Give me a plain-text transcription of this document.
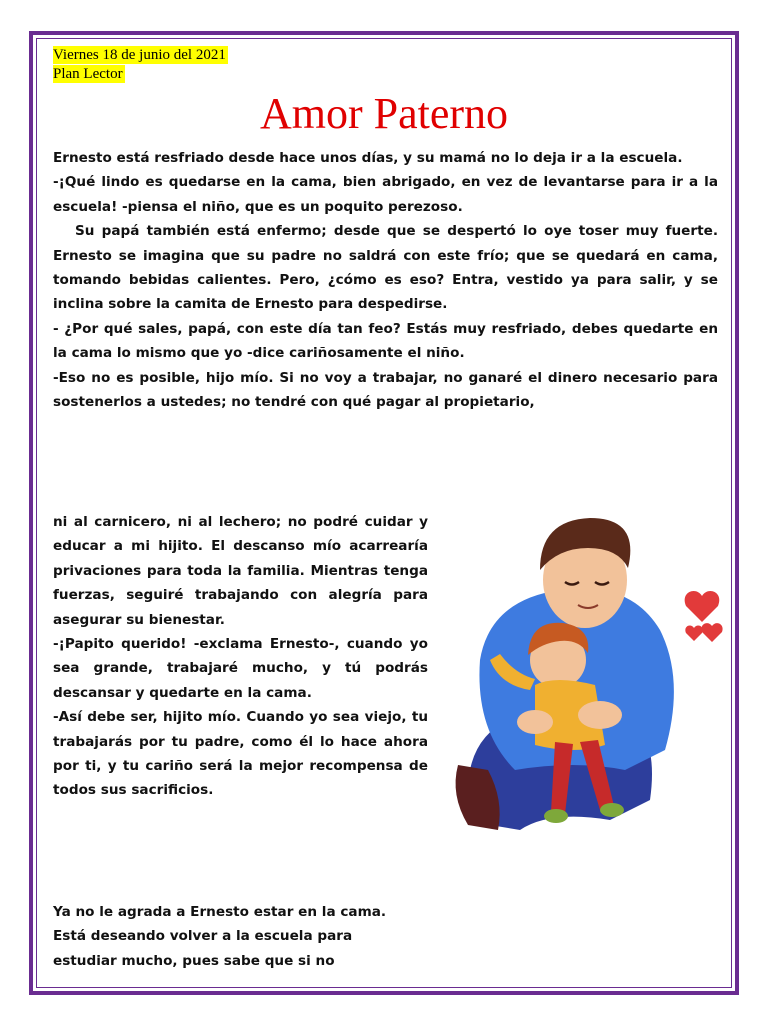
Viernes 18 de junio del 2021
Plan Lector
Amor Paterno

Ernesto está resfriado desde hace unos días, y su mamá no lo deja ir a la escuela.

-¡Qué lindo es quedarse en la cama, bien abrigado, en vez de levantarse para ir a la escuela! -piensa el niño, que es un poquito perezoso.

Su papá también está enfermo; desde que se despertó lo oye toser muy fuerte. Ernesto se imagina que su padre no saldrá con este frío; que se quedará en cama, tomando bebidas calientes. Pero, ¿cómo es eso? Entra, vestido ya para salir, y se inclina sobre la camita de Ernesto para despedirse.

- ¿Por qué sales, papá, con este día tan feo? Estás muy resfriado, debes quedarte en la cama lo mismo que yo -dice cariñosamente el niño.

-Eso no es posible, hijo mío. Si no voy a trabajar, no ganaré el dinero necesario para sostenerlos a ustedes; no tendré con qué pagar al propietario,

ni al carnicero, ni al lechero; no podré cuidar y educar a mi hijito. El descanso mío acarrearía privaciones para toda la familia. Mientras tenga fuerzas, seguiré trabajando con alegría para asegurar su bienestar.

-¡Papito querido! -exclama Ernesto-, cuando yo sea grande, trabajaré mucho, y tú podrás descansar y quedarte en la cama.

-Así debe ser, hijito mío. Cuando yo sea viejo, tu trabajarás por tu padre, como él lo hace ahora por ti, y tu cariño será la mejor recompensa de todos sus sacrificios.

Ya no le agrada a Ernesto estar en la cama. Está deseando volver a la escuela para estudiar mucho, pues sabe que si no
